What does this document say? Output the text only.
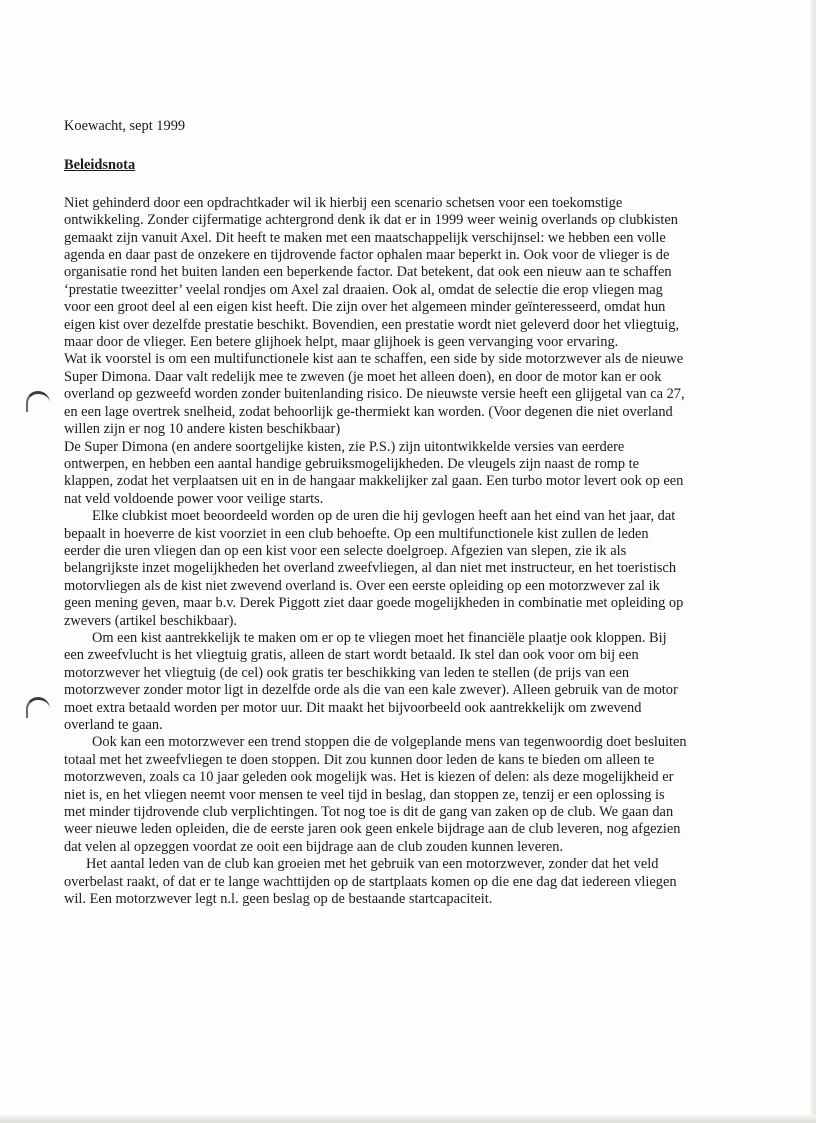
Koewacht, sept 1999

Beleidsnota

Niet gehinderd door een opdrachtkader wil ik hierbij een scenario schetsen voor een toekomstige ontwikkeling. Zonder cijfermatige achtergrond denk ik dat er in 1999 weer weinig overlands op clubkisten gemaakt zijn vanuit Axel. Dit heeft te maken met een maatschappelijk verschijnsel: we hebben een volle agenda en daar past de onzekere en tijdrovende factor ophalen maar beperkt in. Ook voor de vlieger is de organisatie rond het buiten landen een beperkende factor. Dat betekent, dat ook een nieuw aan te schaffen ‘prestatie tweezitter’ veelal rondjes om Axel zal draaien. Ook al, omdat de selectie die erop vliegen mag voor een groot deel al een eigen kist heeft. Die zijn over het algemeen minder geïnteresseerd, omdat hun eigen kist over dezelfde prestatie beschikt. Bovendien, een prestatie wordt niet geleverd door het vliegtuig, maar door de vlieger. Een betere glijhoek helpt, maar glijhoek is geen vervanging voor ervaring.

Wat ik voorstel is om een multifunctionele kist aan te schaffen, een side by side motorzwever als de nieuwe Super Dimona. Daar valt redelijk mee te zweven (je moet het alleen doen), en door de motor kan er ook overland op gezweefd worden zonder buitenlanding risico. De nieuwste versie heeft een glijgetal van ca 27, en een lage overtrek snelheid, zodat behoorlijk ge-thermiekt kan worden. (Voor degenen die niet overland willen zijn er nog 10 andere kisten beschikbaar)

De Super Dimona (en andere soortgelijke kisten, zie P.S.) zijn uitontwikkelde versies van eerdere ontwerpen, en hebben een aantal handige gebruiksmogelijkheden. De vleugels zijn naast de romp te klappen, zodat het verplaatsen uit en in de hangaar makkelijker zal gaan. Een turbo motor levert ook op een nat veld voldoende power voor veilige starts.

Elke clubkist moet beoordeeld worden op de uren die hij gevlogen heeft aan het eind van het jaar, dat bepaalt in hoeverre de kist voorziet in een club behoefte. Op een multifunctionele kist zullen de leden eerder die uren vliegen dan op een kist voor een selecte doelgroep. Afgezien van slepen, zie ik als belangrijkste inzet mogelijkheden het overland zweefvliegen, al dan niet met instructeur, en het toeristisch motorvliegen als de kist niet zwevend overland is. Over een eerste opleiding op een motorzwever zal ik geen mening geven, maar b.v. Derek Piggott ziet daar goede mogelijkheden in combinatie met opleiding op zwevers (artikel beschikbaar).

Om een kist aantrekkelijk te maken om er op te vliegen moet het financiële plaatje ook kloppen. Bij een zweefvlucht is het vliegtuig gratis, alleen de start wordt betaald. Ik stel dan ook voor om bij een motorzwever het vliegtuig (de cel) ook gratis ter beschikking van leden te stellen (de prijs van een motorzwever zonder motor ligt in dezelfde orde als die van een kale zwever). Alleen gebruik van de motor moet extra betaald worden per motor uur. Dit maakt het bijvoorbeeld ook aantrekkelijk om zwevend overland te gaan.

Ook kan een motorzwever een trend stoppen die de volgeplande mens van tegenwoordig doet besluiten totaal met het zweefvliegen te doen stoppen. Dit zou kunnen door leden de kans te bieden om alleen te motorzweven, zoals ca 10 jaar geleden ook mogelijk was. Het is kiezen of delen: als deze mogelijkheid er niet is, en het vliegen neemt voor mensen te veel tijd in beslag, dan stoppen ze, tenzij er een oplossing is met minder tijdrovende club verplichtingen. Tot nog toe is dit de gang van zaken op de club. We gaan dan weer nieuwe leden opleiden, die de eerste jaren ook geen enkele bijdrage aan de club leveren, nog afgezien dat velen al opzeggen voordat ze ooit een bijdrage aan de club zouden kunnen leveren.

Het aantal leden van de club kan groeien met het gebruik van een motorzwever, zonder dat het veld overbelast raakt, of dat er te lange wachttijden op de startplaats komen op die ene dag dat iedereen vliegen wil. Een motorzwever legt n.l. geen beslag op de bestaande startcapaciteit.
